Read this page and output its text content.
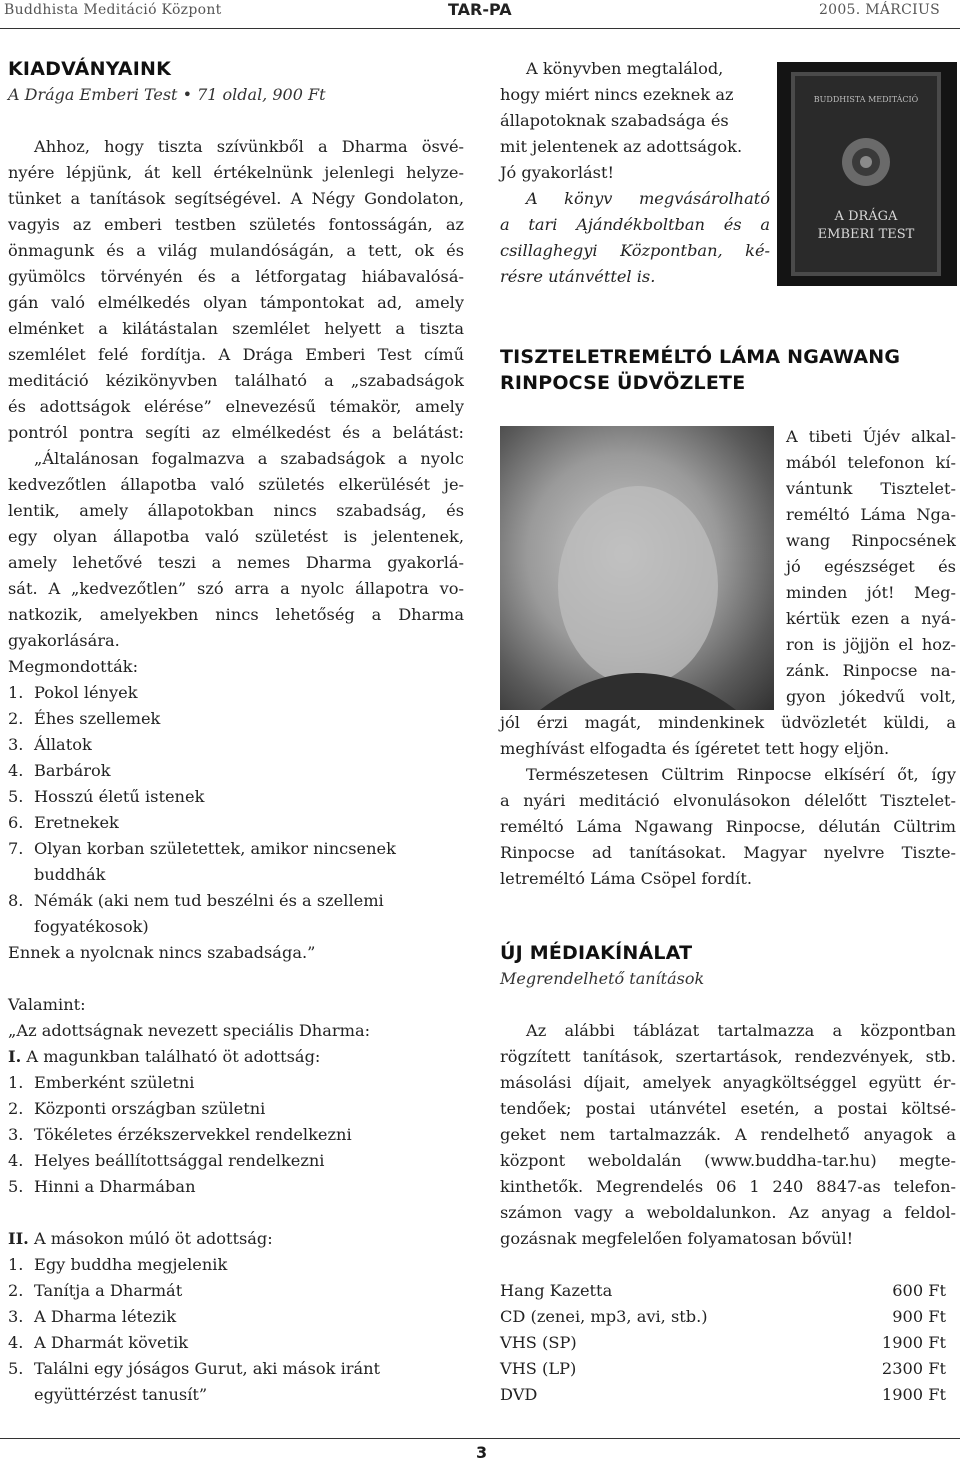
Buddhista Meditáció Központ	TAR-PA	2005. MÁRCIUS
KIADVÁNYAINK
A Drága Emberi Test • 71 oldal, 900 Ft

Ahhoz, hogy tiszta szívünkből a Dharma ösvé-

nyére lépjünk, át kell értékelnünk jelenlegi helyze-

tünket a tanítások segítségével. A Négy Gondolaton,

vagyis az emberi testben születés fontosságán, az

önmagunk és a világ mulandóságán, a tett, ok és

gyümölcs törvényén és a létforgatag hiábavalósá-

gán való elmélkedés olyan támpontokat ad, amely

elménket a kilátástalan szemlélet helyett a tiszta

szemlélet felé fordítja. A Drága Emberi Test című

meditáció kézikönyvben található a „szabadságok

és adottságok elérése” elnevezésű témakör, amely

pontról pontra segíti az elmélkedést és a belátást:

„Általánosan fogalmazva a szabadságok a nyolc

kedvezőtlen állapotba való születés elkerülését je-

lentik, amely állapotokban nincs szabadság, és

egy olyan állapotba való születést is jelentenek,

amely lehetővé teszi a nemes Dharma gyakorlá-

sát. A „kedvezőtlen” szó arra a nyolc állapotra vo-

natkozik, amelyekben nincs lehetőség a Dharma

gyakorlására.

Megmondották:

1. Pokol lények
2. Éhes szellemek
3. Állatok
4. Barbárok
5. Hosszú életű istenek
6. Eretnekek
7. Olyan korban születettek, amikor nincsenek buddhák
8. Némák (aki nem tud beszélni és a szellemi fogyatékosok)

Ennek a nyolcnak nincs szabadsága.”

Valamint:

„Az adottságnak nevezett speciális Dharma:

I. A magunkban található öt adottság:

1. Emberként születni
2. Központi országban születni
3. Tökéletes érzékszervekkel rendelkezni
4. Helyes beállítottsággal rendelkezni
5. Hinni a Dharmában

II. A másokon múló öt adottság:

1. Egy buddha megjelenik
2. Tanítja a Dharmát
3. A Dharma létezik
4. A Dharmát követik
5. Találni egy jóságos Gurut, aki mások iránt együttérzést tanusít”

A könyvben megtalálod,

hogy miért nincs ezeknek az

állapotoknak szabadsága és

mit jelentenek az adottságok.

Jó gyakorlást!

A könyv megvásárolható

a tari Ajándékboltban és a

csillaghegyi Központban, ké-

résre utánvéttel is.

BUDDHISTA MEDITÁCIÓ
A DRÁGA
EMBERI TEST
TISZTELETREMÉLTÓ LÁMA NGAWANG
RINPOCSE ÜDVÖZLETE

A tibeti Újév alkal-

mából telefonon kí-

vántunk Tisztelet-

reméltó Láma Nga-

wang Rinpocsének

jó egészséget és

minden jót! Meg-

kértük ezen a nyá-

ron is jöjjön el hoz-

zánk. Rinpocse na-

gyon jókedvű volt,

jól érzi magát, mindenkinek üdvözletét küldi, a

meghívást elfogadta és ígéretet tett hogy eljön.

Természetesen Cültrim Rinpocse elkísérí őt, így

a nyári meditáció elvonulásokon délelőtt Tisztelet-

reméltó Láma Ngawang Rinpocse, délután Cültrim

Rinpocse ad tanításokat. Magyar nyelvre Tiszte-

letreméltó Láma Csöpel fordít.

ÚJ MÉDIAKÍNÁLAT
Megrendelhető tanítások

Az alábbi táblázat tartalmazza a központban

rögzített tanítások, szertartások, rendezvények, stb.

másolási díjait, amelyek anyagköltséggel együtt ér-

tendőek; postai utánvétel esetén, a postai költsé-

geket nem tartalmazzák. A rendelhető anyagok a

központ weboldalán (www.buddha-tar.hu) megte-

kinthetők. Megrendelés 06 1 240 8847-as telefon-

számon vagy a weboldalunkon. Az anyag a feldol-

gozásnak megfelelően folyamatosan bővül!

Hang Kazetta	600 Ft
CD (zenei, mp3, avi, stb.)	900 Ft
VHS (SP)	1900 Ft
VHS (LP)	2300 Ft
DVD	1900 Ft
3
